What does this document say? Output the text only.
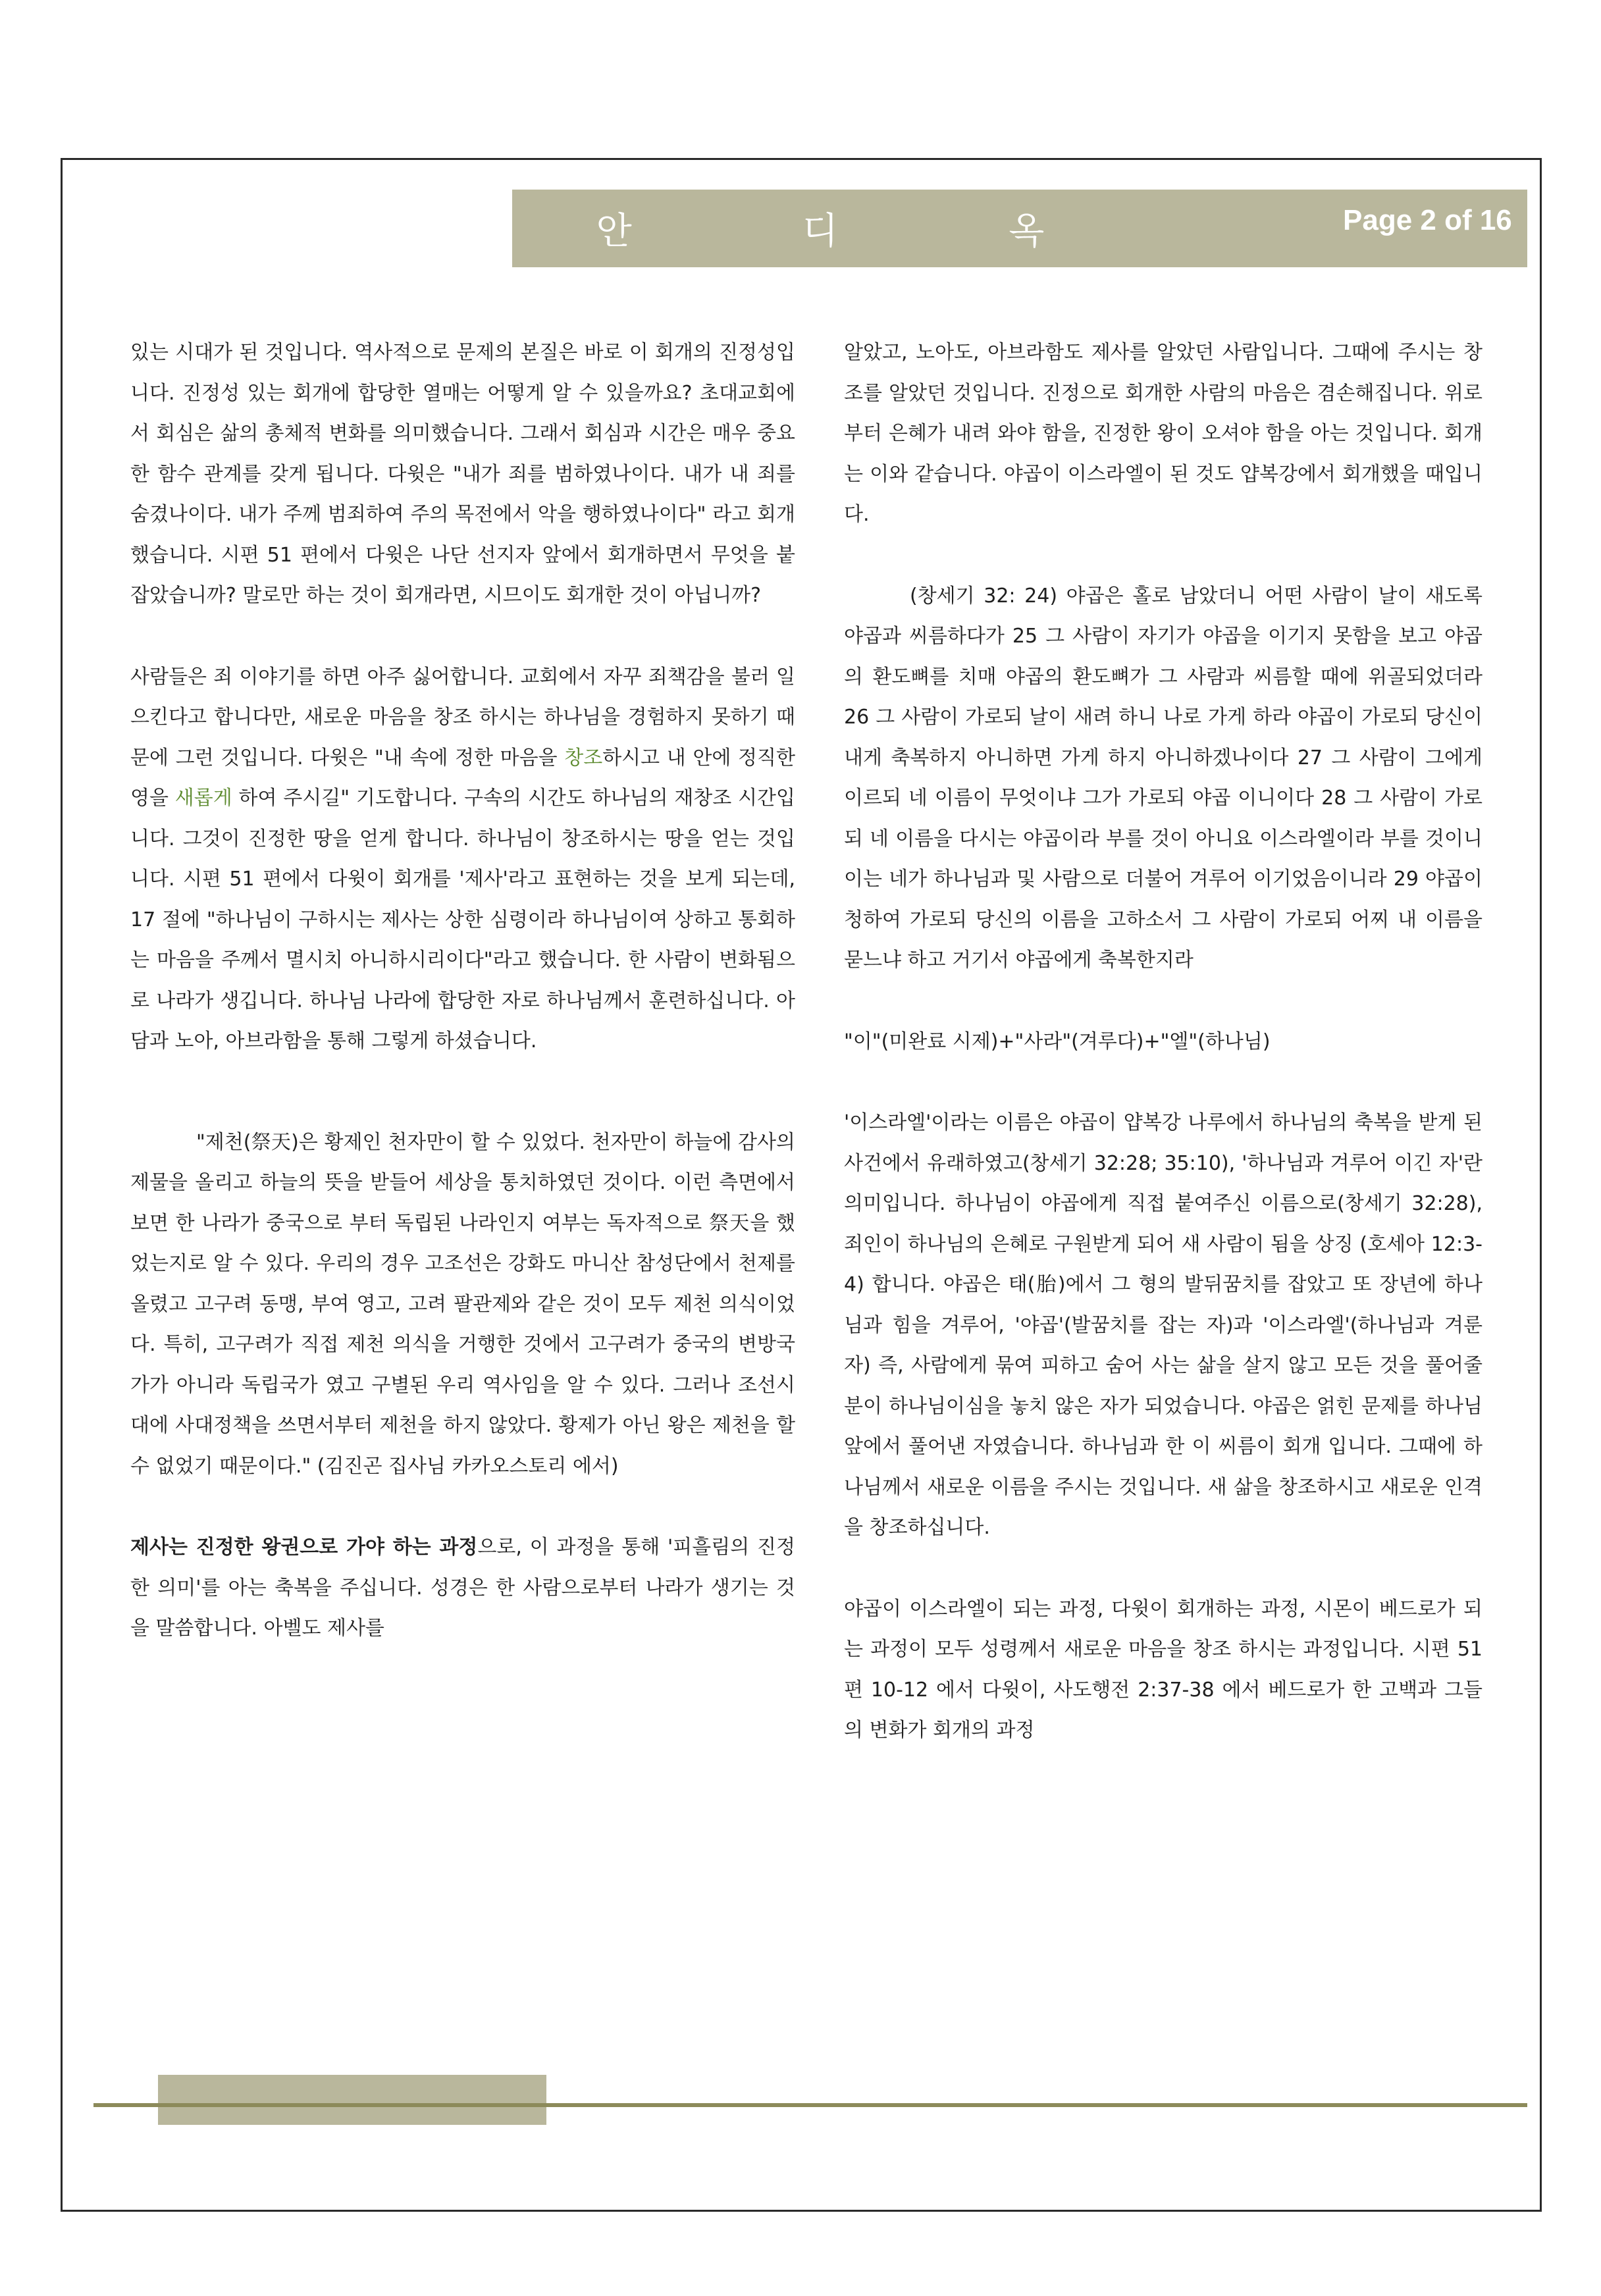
안	디	옥	Page 2 of 16

있는 시대가 된 것입니다. 역사적으로 문제의 본질은 바로 이 회개의 진정성입니다. 진정성 있는 회개에 합당한 열매는 어떻게 알 수 있을까요? 초대교회에서 회심은 삶의 총체적 변화를 의미했습니다. 그래서 회심과 시간은 매우 중요한 함수 관계를 갖게 됩니다. 다윗은 "내가 죄를 범하였나이다. 내가 내 죄를 숨겼나이다. 내가 주께 범죄하여 주의 목전에서 악을 행하였나이다" 라고 회개했습니다. 시편 51 편에서 다윗은 나단 선지자 앞에서 회개하면서 무엇을 붙잡았습니까? 말로만 하는 것이 회개라면, 시므이도 회개한 것이 아닙니까?

사람들은 죄 이야기를 하면 아주 싫어합니다. 교회에서 자꾸 죄책감을 불러 일으킨다고 합니다만, 새로운 마음을 창조 하시는 하나님을 경험하지 못하기 때문에 그런 것입니다. 다윗은 "내 속에 정한 마음을 창조하시고 내 안에 정직한 영을 새롭게 하여 주시길" 기도합니다. 구속의 시간도 하나님의 재창조 시간입니다. 그것이 진정한 땅을 얻게 합니다. 하나님이 창조하시는 땅을 얻는 것입니다. 시편 51 편에서 다윗이 회개를 '제사'라고 표현하는 것을 보게 되는데, 17 절에 "하나님이 구하시는 제사는 상한 심령이라 하나님이여 상하고 통회하는 마음을 주께서 멸시치 아니하시리이다"라고 했습니다. 한 사람이 변화됨으로 나라가 생깁니다. 하나님 나라에 합당한 자로 하나님께서 훈련하십니다. 아담과 노아, 아브라함을 통해 그렇게 하셨습니다.

"제천(祭天)은 황제인 천자만이 할 수 있었다. 천자만이 하늘에 감사의 제물을 올리고 하늘의 뜻을 받들어 세상을 통치하였던 것이다. 이런 측면에서 보면 한 나라가 중국으로 부터 독립된 나라인지 여부는 독자적으로 祭天을 했었는지로 알 수 있다. 우리의 경우 고조선은 강화도 마니산 참성단에서 천제를 올렸고 고구려 동맹, 부여 영고, 고려 팔관제와 같은 것이 모두 제천 의식이었다. 특히, 고구려가 직접 제천 의식을 거행한 것에서 고구려가 중국의 변방국가가 아니라 독립국가 였고 구별된 우리 역사임을 알 수 있다. 그러나 조선시대에 사대정책을 쓰면서부터 제천을 하지 않았다. 황제가 아닌 왕은 제천을 할 수 없었기 때문이다." (김진곤 집사님 카카오스토리 에서)

제사는 진정한 왕권으로 가야 하는 과정으로, 이 과정을 통해 '피흘림의 진정한 의미'를 아는 축복을 주십니다. 성경은 한 사람으로부터 나라가 생기는 것을 말씀합니다. 아벨도 제사를

알았고, 노아도, 아브라함도 제사를 알았던 사람입니다. 그때에 주시는 창조를 알았던 것입니다. 진정으로 회개한 사람의 마음은 겸손해집니다. 위로부터 은혜가 내려 와야 함을, 진정한 왕이 오셔야 함을 아는 것입니다. 회개는 이와 같습니다. 야곱이 이스라엘이 된 것도 얍복강에서 회개했을 때입니다.

(창세기 32: 24) 야곱은 홀로 남았더니 어떤 사람이 날이 새도록 야곱과 씨름하다가 25 그 사람이 자기가 야곱을 이기지 못함을 보고 야곱의 환도뼈를 치매 야곱의 환도뼈가 그 사람과 씨름할 때에 위골되었더라 26 그 사람이 가로되 날이 새려 하니 나로 가게 하라 야곱이 가로되 당신이 내게 축복하지 아니하면 가게 하지 아니하겠나이다 27 그 사람이 그에게 이르되 네 이름이 무엇이냐 그가 가로되 야곱 이니이다 28 그 사람이 가로되 네 이름을 다시는 야곱이라 부를 것이 아니요 이스라엘이라 부를 것이니 이는 네가 하나님과 및 사람으로 더불어 겨루어 이기었음이니라 29 야곱이 청하여 가로되 당신의 이름을 고하소서 그 사람이 가로되 어찌 내 이름을 묻느냐 하고 거기서 야곱에게 축복한지라

"이"(미완료 시제)+"사라"(겨루다)+"엘"(하나님)

'이스라엘'이라는 이름은 야곱이 얍복강 나루에서 하나님의 축복을 받게 된 사건에서 유래하였고(창세기 32:28; 35:10), '하나님과 겨루어 이긴 자'란 의미입니다. 하나님이 야곱에게 직접 붙여주신 이름으로(창세기 32:28), 죄인이 하나님의 은혜로 구원받게 되어 새 사람이 됨을 상징 (호세아 12:3-4) 합니다. 야곱은 태(胎)에서 그 형의 발뒤꿈치를 잡았고 또 장년에 하나님과 힘을 겨루어, '야곱'(발꿈치를 잡는 자)과 '이스라엘'(하나님과 겨룬 자) 즉, 사람에게 묶여 피하고 숨어 사는 삶을 살지 않고 모든 것을 풀어줄 분이 하나님이심을 놓치 않은 자가 되었습니다. 야곱은 얽힌 문제를 하나님 앞에서 풀어낸 자였습니다. 하나님과 한 이 씨름이 회개 입니다. 그때에 하나님께서 새로운 이름을 주시는 것입니다. 새 삶을 창조하시고 새로운 인격을 창조하십니다.

야곱이 이스라엘이 되는 과정, 다윗이 회개하는 과정, 시몬이 베드로가 되는 과정이 모두 성령께서 새로운 마음을 창조 하시는 과정입니다. 시편 51 편 10-12 에서 다윗이, 사도행전 2:37-38 에서 베드로가 한 고백과 그들의 변화가 회개의 과정
